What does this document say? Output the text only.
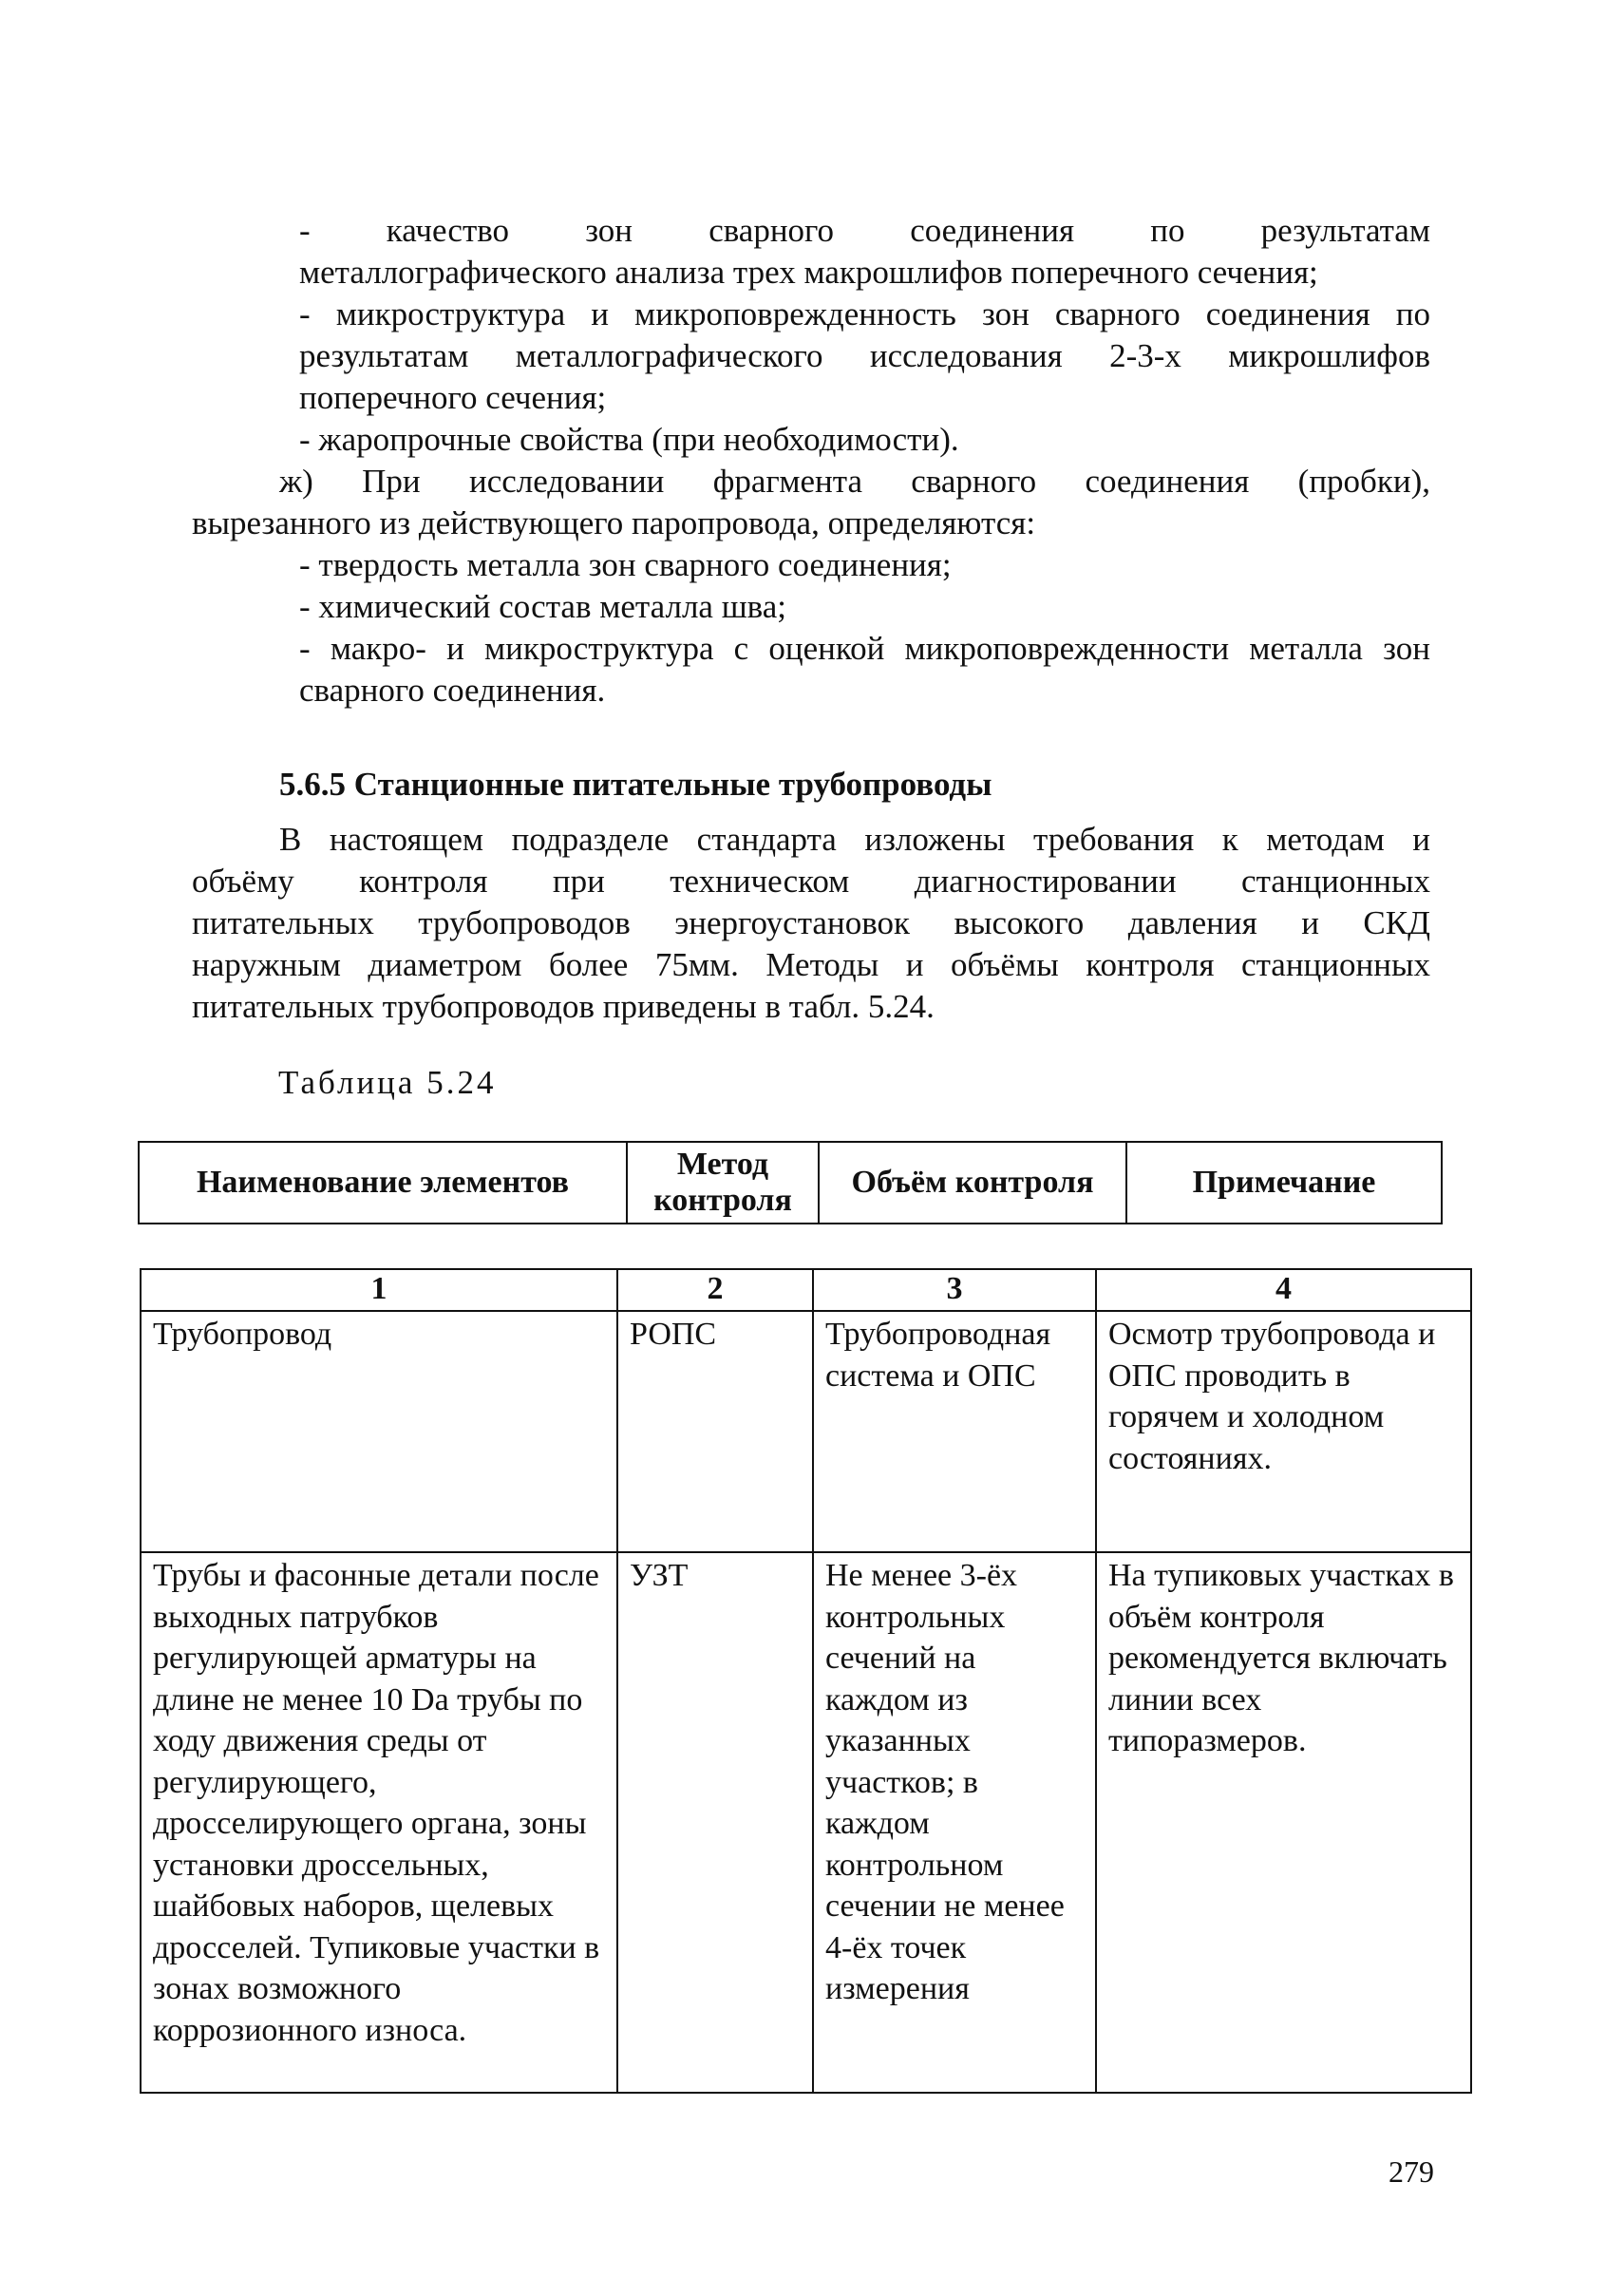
- качество зон сварного соединения по результатам
металлографического анализа трех макрошлифов поперечного сечения;
- микроструктура и микроповрежденность зон сварного соединения по
результатам металлографического исследования 2-3-х микрошлифов
поперечного сечения;
- жаропрочные свойства (при необходимости).
ж) При исследовании фрагмента сварного соединения (пробки),
вырезанного из действующего паропровода, определяются:
- твердость металла зон сварного соединения;
- химический состав металла шва;
- макро- и микроструктура с оценкой микроповрежденности металла зон
сварного соединения.
5.6.5 Станционные питательные трубопроводы
В настоящем подразделе стандарта изложены требования к методам и
объёму контроля при техническом диагностировании станционных
питательных трубопроводов энергоустановок высокого давления и СКД
наружным диаметром более 75мм. Методы и объёмы контроля станционных
питательных трубопроводов приведены в табл. 5.24.
Таблица 5.24
Наименование элементов	Метод контроля	Объём контроля	Примечание
1	2	3	4
Трубопровод	РОПС	Трубопроводная система и ОПС	Осмотр трубопровода и ОПС проводить в горячем и холодном состояниях.
Трубы и фасонные детали после выходных патрубков регулирующей арматуры на длине не менее 10 Da трубы по ходу движения среды от регулирующего, дросселирующего органа, зоны установки дроссельных, шайбовых наборов, щелевых дросселей. Тупиковые участки в зонах возможного коррозионного износа.	УЗТ	Не менее 3-ёх контрольных сечений на каждом из указанных участков; в каждом контрольном сечении не менее 4-ёх точек измерения	На тупиковых участках в объём контроля рекомендуется включать линии всех типоразмеров.
279
